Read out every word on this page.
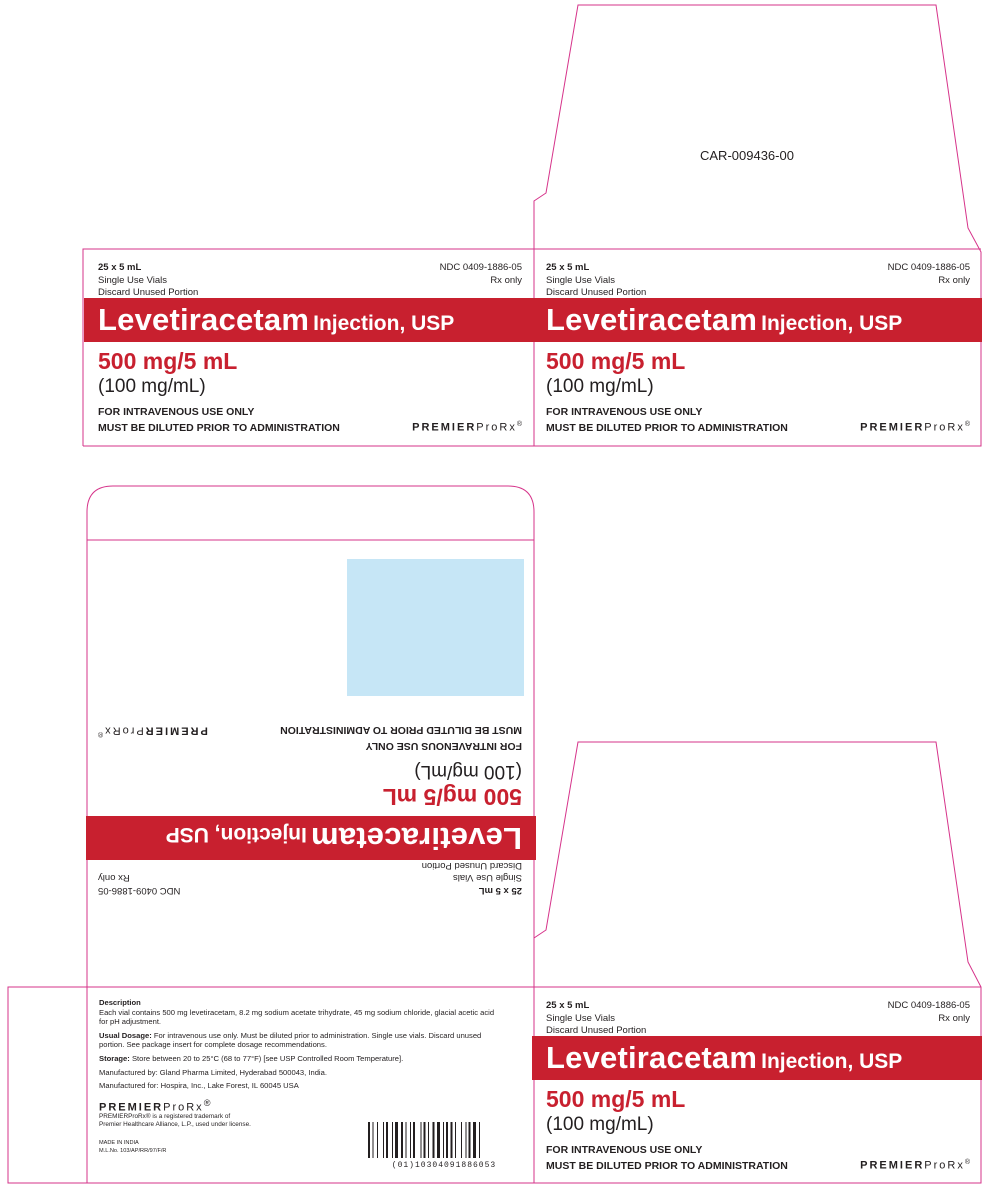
CAR-009436-00
25 x 5 mL
Single Use Vials
Discard Unused Portion
NDC 0409-1886-05
Rx only
Levetiracetam Injection, USP
500 mg/5 mL
(100 mg/mL)
FOR INTRAVENOUS USE ONLY
MUST BE DILUTED PRIOR TO ADMINISTRATION	PREMIERProRx®
25 x 5 mL
Single Use Vials
Discard Unused Portion
NDC 0409-1886-05
Rx only
Levetiracetam Injection, USP
500 mg/5 mL
(100 mg/mL)
FOR INTRAVENOUS USE ONLY
MUST BE DILUTED PRIOR TO ADMINISTRATION	PREMIERProRx®
25 x 5 mL
Single Use Vials
Discard Unused Portion
NDC 0409-1886-05
Rx only
LevetiracetamInjection, USP
500 mg/5 mL
(100 mg/mL)
FOR INTRAVENOUS USE ONLY
MUST BE DILUTED PRIOR TO ADMINISTRATION
PREMIERProRx®
25 x 5 mL
Single Use Vials
Discard Unused Portion
NDC 0409-1886-05
Rx only
Levetiracetam Injection, USP
500 mg/5 mL
(100 mg/mL)
FOR INTRAVENOUS USE ONLY
MUST BE DILUTED PRIOR TO ADMINISTRATION	PREMIERProRx®

Description
Each vial contains 500 mg levetiracetam, 8.2 mg sodium acetate trihydrate, 45 mg sodium chloride, glacial acetic acid for pH adjustment.

Usual Dosage: For intravenous use only. Must be diluted prior to administration. Single use vials. Discard unused portion. See package insert for complete dosage recommendations.

Storage: Store between 20 to 25°C (68 to 77°F) [see USP Controlled Room Temperature].

Manufactured by: Gland Pharma Limited, Hyderabad 500043, India.

Manufactured for: Hospira, Inc., Lake Forest, IL 60045 USA

PREMIERProRx®
PREMIERProRx® is a registered trademark of
Premier Healthcare Alliance, L.P., used under license.
MADE IN INDIA
M.L.No. 103/AP/RR/97/F/R
(01)10304091886053
